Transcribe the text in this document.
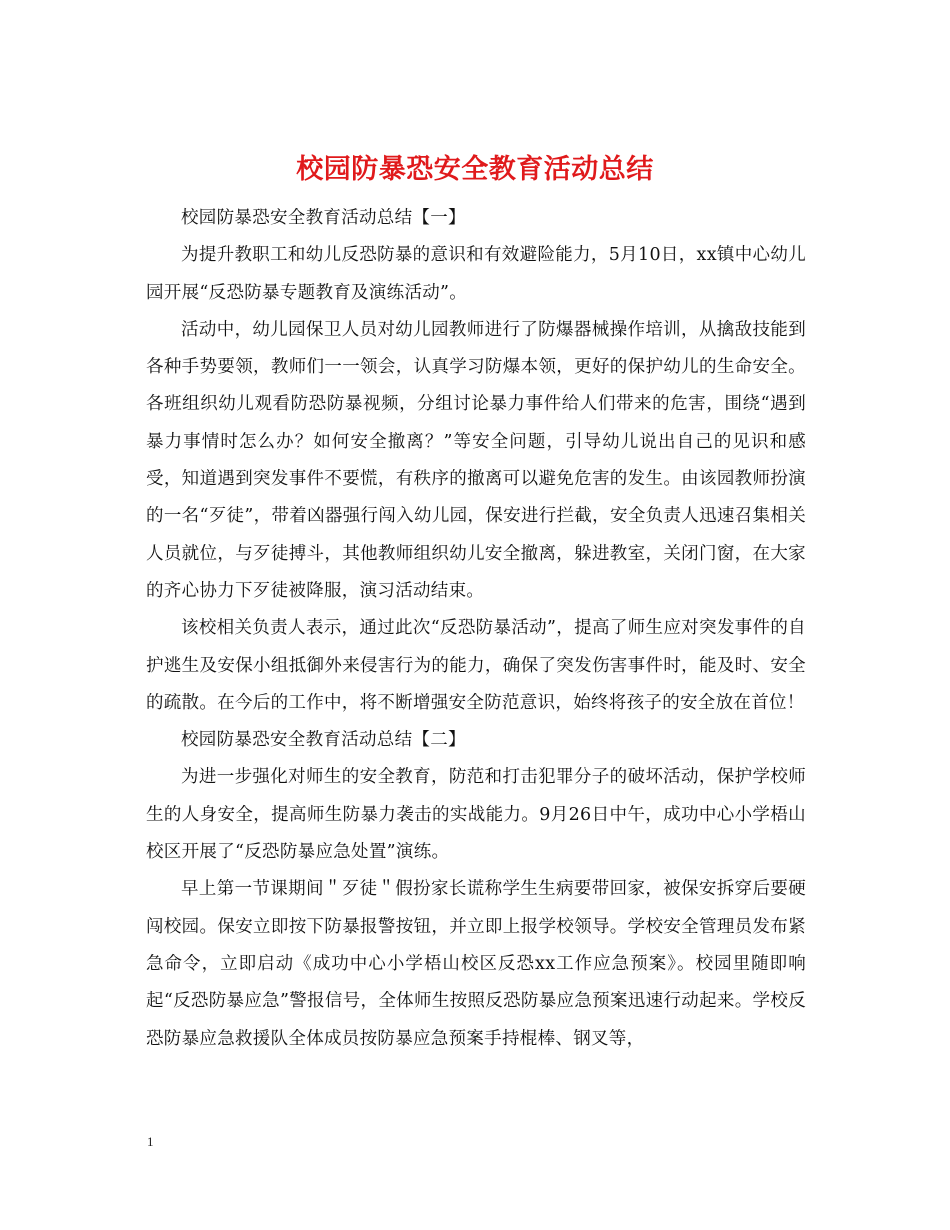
校园防暴恐安全教育活动总结

校园防暴恐安全教育活动总结【一】

为提升教职工和幼儿反恐防暴的意识和有效避险能力，5月10日，xx镇中心幼儿园开展“反恐防暴专题教育及演练活动”。

活动中，幼儿园保卫人员对幼儿园教师进行了防爆器械操作培训，从擒敌技能到各种手势要领，教师们一一领会，认真学习防爆本领，更好的保护幼儿的生命安全。各班组织幼儿观看防恐防暴视频，分组讨论暴力事件给人们带来的危害，围绕“遇到暴力事情时怎么办？如何安全撤离？”等安全问题，引导幼儿说出自己的见识和感受，知道遇到突发事件不要慌，有秩序的撤离可以避免危害的发生。由该园教师扮演的一名“歹徒”，带着凶器强行闯入幼儿园，保安进行拦截，安全负责人迅速召集相关人员就位，与歹徒搏斗，其他教师组织幼儿安全撤离，躲进教室，关闭门窗，在大家的齐心协力下歹徒被降服，演习活动结束。

该校相关负责人表示，通过此次“反恐防暴活动”，提高了师生应对突发事件的自护逃生及安保小组抵御外来侵害行为的能力，确保了突发伤害事件时，能及时、安全的疏散。在今后的工作中，将不断增强安全防范意识，始终将孩子的安全放在首位！

校园防暴恐安全教育活动总结【二】

为进一步强化对师生的安全教育，防范和打击犯罪分子的破坏活动，保护学校师生的人身安全，提高师生防暴力袭击的实战能力。9月26日中午，成功中心小学梧山校区开展了“反恐防暴应急处置”演练。

早上第一节课期间＂歹徒＂假扮家长谎称学生生病要带回家，被保安拆穿后要硬闯校园。保安立即按下防暴报警按钮，并立即上报学校领导。学校安全管理员发布紧急命令，立即启动《成功中心小学梧山校区反恐xx工作应急预案》。校园里随即响起“反恐防暴应急”警报信号，全体师生按照反恐防暴应急预案迅速行动起来。学校反恐防暴应急救援队全体成员按防暴应急预案手持棍棒、钢叉等，

1
